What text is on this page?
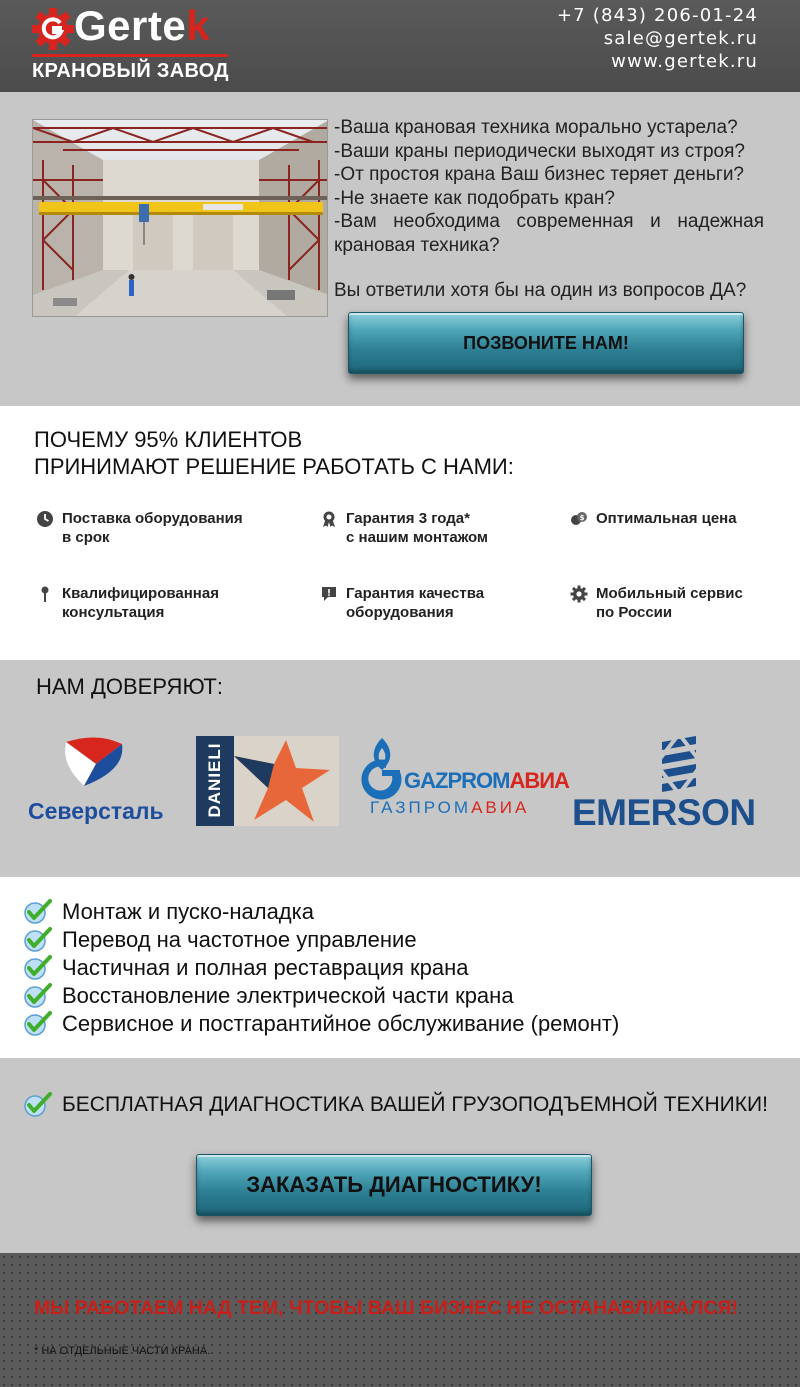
Gertek
КРАНОВЫЙ ЗАВОД
+7 (843) 206-01-24
sale@gertek.ru
www.gertek.ru

-Ваша крановая техника морально устарела?

-Ваши краны периодически выходят из строя?

-От простоя крана Ваш бизнес теряет деньги?

-Не знаете как подобрать кран?

-Вам необходима современная и надежная крановая техника?

Вы ответили хотя бы на один из вопросов ДА?

ПОЗВОНИТЕ НАМ!
ПОЧЕМУ 95% КЛИЕНТОВ
ПРИНИМАЮТ РЕШЕНИЕ РАБОТАТЬ С НАМИ:
Поставка оборудования
в срок
Гарантия 3 года*
с нашим монтажом
$ Оптимальная цена
Квалифицированная
консультация
Гарантия качества
оборудования
Мобильный сервис
по России
НАМ ДОВЕРЯЮТ:
Северсталь DANIELI	GAZPROMАВИА
ГАЗПРОМАВИА EMERSON
Монтаж и пуско-наладка
Перевод на частотное управление
Частичная и полная реставрация крана
Восстановление электрической части крана
Сервисное и постгарантийное обслуживание (ремонт)
БЕСПЛАТНАЯ ДИАГНОСТИКА ВАШЕЙ ГРУЗОПОДЪЕМНОЙ ТЕХНИКИ!
ЗАКАЗАТЬ ДИАГНОСТИКУ!
МЫ РАБОТАЕМ НАД ТЕМ, ЧТОБЫ ВАШ БИЗНЕС НЕ ОСТАНАВЛИВАЛСЯ!
* НА ОТДЕЛЬНЫЕ ЧАСТИ КРАНА.
